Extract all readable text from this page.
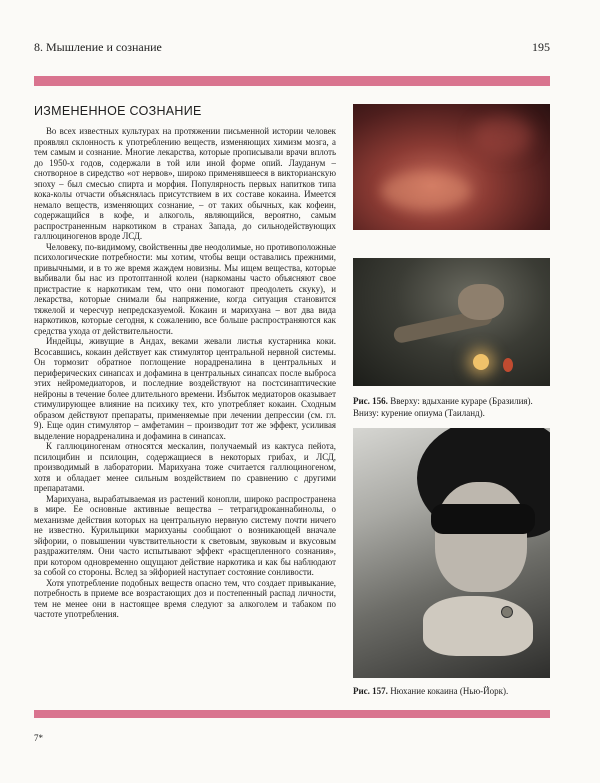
8. Мышление и сознание	195
ИЗМЕНЕННОЕ СОЗНАНИЕ

Во всех известных культурах на протяжении письменной истории человек проявлял склонность к употреблению веществ, изменяющих химизм мозга, а тем самым и сознание. Многие лекарства, которые прописывали врачи вплоть до 1950-х годов, содержали в той или иной форме опий. Лауданум – снотворное в сиредство «от нервов», широко применявшееся в викторианскую эпоху – был смесью спирта и морфия. Популярность первых напитков типа кока-колы отчасти объяснялась присутствием в их составе кокаина. Имеется немало веществ, изменяющих сознание, – от таких обычных, как кофеин, содержащийся в кофе, и алкоголь, являющийся, вероятно, самым распространенным наркотиком в странах Запада, до сильнодействующих галлюциногенов вроде ЛСД.

Человеку, по-видимому, свойственны две неодолимые, но противоположные психологические потребности: мы хотим, чтобы вещи оставались прежними, привычными, и в то же время жаждем новизны. Мы ищем вещества, которые выбивали бы нас из протоптанной колеи (наркоманы часто объясняют свое пристрастие к наркотикам тем, что они помогают преодолеть скуку), и лекарства, которые снимали бы напряжение, когда ситуация становится тяжелой и чересчур непредсказуемой. Кокаин и марихуана – вот два вида наркотиков, которые сегодня, к сожалению, все больше распространяются как средства ухода от действительности.

Индейцы, живущие в Андах, веками жевали листья кустарника коки. Всосавшись, кокаин действует как стимулятор центральной нервной системы. Он тормозит обратное поглощение норадреналина в центральных и периферических синапсах и дофамина в центральных синапсах после выброса этих нейромедиаторов, и последние воздействуют на постсинаптические нейроны в течение более длительного времени. Избыток медиаторов оказывает стимулирующее влияние на психику тех, кто употребляет кокаин. Сходным образом действуют препараты, применяемые при лечении депрессии (см. гл. 9). Еще один стимулятор – амфетамин – производит тот же эффект, усиливая выделение норадреналина и дофамина в синапсах.

К галлюциногенам относятся мескалин, получаемый из кактуса пейота, псилоцибин и псилоцин, содержащиеся в некоторых грибах, и ЛСД, производимый в лаборатории. Марихуана тоже считается галлюциногеном, хотя и обладает менее сильным воздействием по сравнению с другими препаратами.

Марихуана, вырабатываемая из растений конопли, широко распространена в мире. Ее основные активные вещества – тетрагидроканнабинолы, о механизме действия которых на центральную нервную систему почти ничего не известно. Курильщики марихуаны сообщают о возникающей вначале эйфории, о повышении чувствительности к световым, звуковым и вкусовым раздражителям. Они часто испытывают эффект «расщепленного сознания», при котором одновременно ощущают действие наркотика и как бы наблюдают за собой со стороны. Вслед за эйфорией наступает состояние сонливости.

Хотя употребление подобных веществ опасно тем, что создает привыкание, потребность в приеме все возрастающих доз и постепенный распад личности, тем не менее они в настоящее время следуют за алкоголем и табаком по частоте употребления.

Рис. 156. Вверху: вдыхание кураре (Бразилия). Внизу: курение опиума (Таиланд).
Рис. 157. Нюхание кокаина (Нью-Йорк).
7*
